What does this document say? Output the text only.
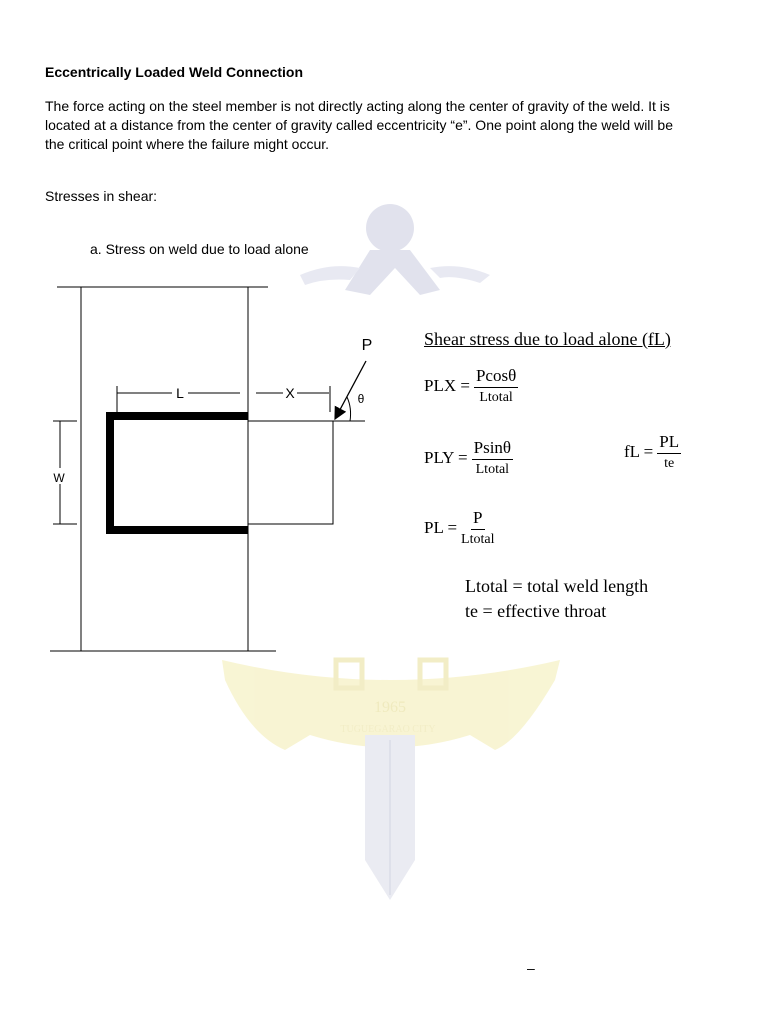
1965
TUGUEGARAO CITY
Eccentrically Loaded Weld Connection
The force acting on the steel member is not directly acting along the center of gravity of the weld. It is
located at a distance from the center of gravity called eccentricity “e”. One point along the weld will be
the critical point where the failure might occur.
Stresses in shear:
a. Stress on weld due to load alone
L	X
W
P
θ
Shear stress due to load alone (fL)
PLX = $\frac{Pcos\theta}{\text{Ltotal}}$
PLY = $\frac{Psin\theta}{\text{Ltotal}}$	fL = $\frac{PL}{te}$
PL = $\frac{P}{\text{Ltotal}}$
Ltotal = total weld length
te = effective throat
–
